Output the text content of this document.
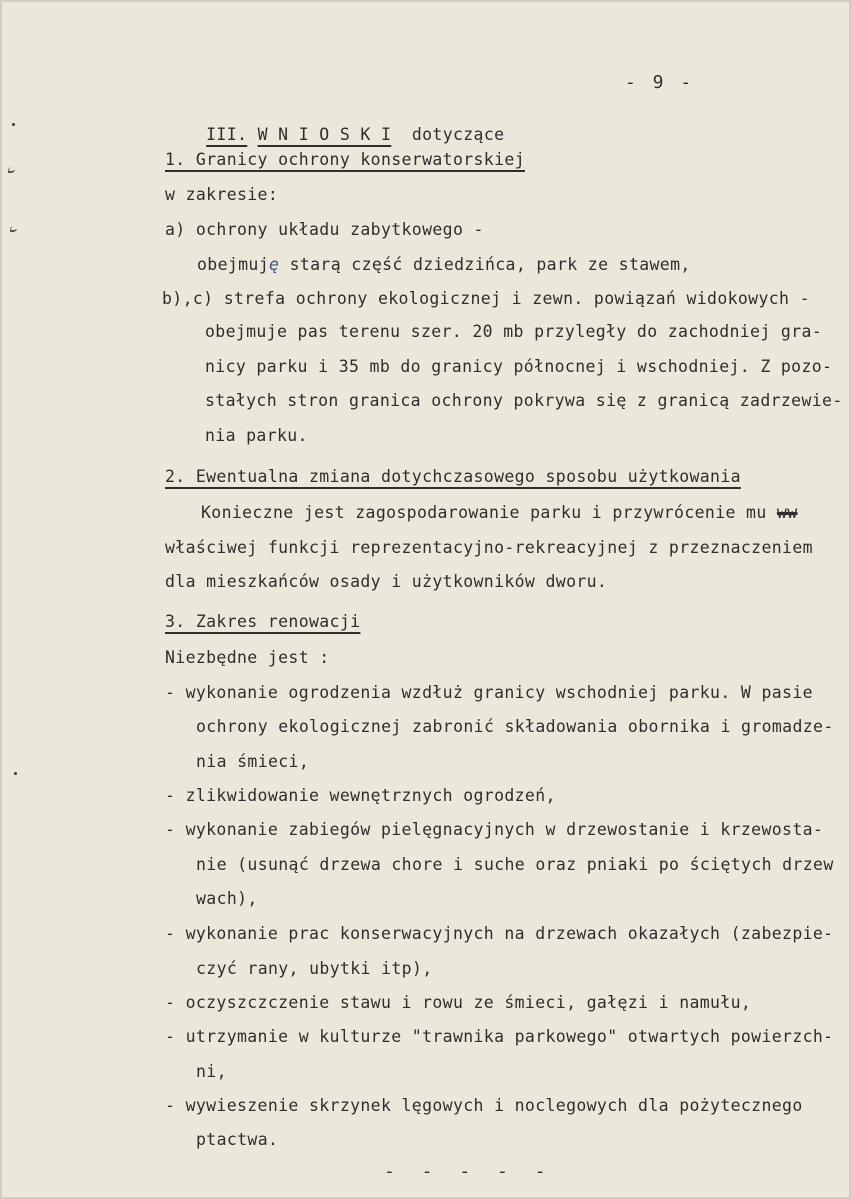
- 9 -

III. W N I O S K I dotyczące

1. Granicy ochrony konserwatorskiej
w zakresie:
a) ochrony układu zabytkowego -
obejmuję starą część dziedzińca, park ze stawem,
b),c) strefa ochrony ekologicznej i zewn. powiązań widokowych -
obejmuje pas terenu szer. 20 mb przyległy do zachodniej gra-
nicy parku i 35 mb do granicy północnej i wschodniej. Z pozo-
stałych stron granica ochrony pokrywa się z granicą zadrzewie-
nia parku.
2. Ewentualna zmiana dotychczasowego sposobu użytkowania
Konieczne jest zagospodarowanie parku i przywrócenie mu ww
właściwej funkcji reprezentacyjno-rekreacyjnej z przeznaczeniem
dla mieszkańców osady i użytkowników dworu.
3. Zakres renowacji
Niezbędne jest :
- wykonanie ogrodzenia wzdłuż granicy wschodniej parku. W pasie
ochrony ekologicznej zabronić składowania obornika i gromadze-
nia śmieci,
- zlikwidowanie wewnętrznych ogrodzeń,
- wykonanie zabiegów pielęgnacyjnych w drzewostanie i krzewosta-
nie (usunąć drzewa chore i suche oraz pniaki po ściętych drzew
wach),
- wykonanie prac konserwacyjnych na drzewach okazałych (zabezpie-
czyć rany, ubytki itp),
- oczyszczczenie stawu i rowu ze śmieci, gałęzi i namułu,
- utrzymanie w kulturze "trawnika parkowego" otwartych powierzch-
ni,
- wywieszenie skrzynek lęgowych i noclegowych dla pożytecznego
ptactwa.
- - - - -
